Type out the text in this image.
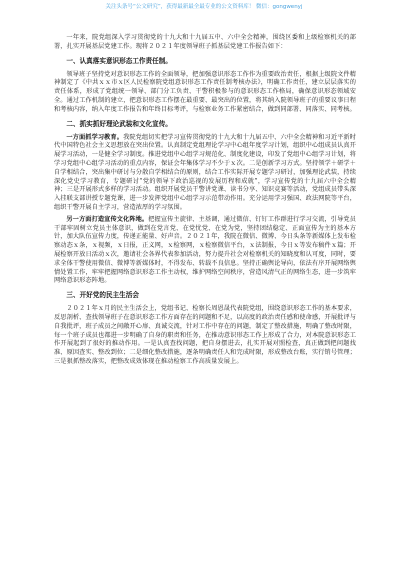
关注头条号“公文研究”，获得最新最全最专业的公文资料库！ 微信：gongwenyj

一年来，院党组深入学习贯彻党的十九大和十九届五中、六中全会精神，围绕区委和上级检察机关的部署，扎实开展基层党建工作。现将２０２１年度领导班子抓基层党建工作报告如下：

一、认真落实意识形态工作责任制。

领导班子坚持党对意识形态工作的全面领导，把加强意识形态工作作为重要政治责任，根据上级院文件精神制定了《中共ｘｘ市ｘ区人民检察院党组意识形态工作责任制考核办法》，明确工作责任，建立层层落实的责任体系，形成了党组统一领导、部门分工负责、干警积极参与的意识形态工作格局，确保意识形态领域安全。通过工作机制的建立，把意识形态工作摆在最重要、最突出的位置，将其纳入院领导班子的重要议事日程和考核内容，纳入年度工作报告和年终目标考评，与检察业务工作紧密结合，做到同部署、同落实、同考核。

二、抓实抓好理论武装和文化宣传。

一方面抓学习教育。我院党组切实把学习宣传贯彻党的十九大和十九届五中、六中全会精神和习近平新时代中国特色社会主义思想放在突出位置。认真制定党组理论学习中心组年度学习计划，组织中心组成员认真开展学习活动，一是健全学习制度。推进党组中心组学习规范化、制度化建设，印发了党组中心组学习计划，将学习党组中心组学习活动的重点内容，保证会年集体学习不少于ｘ次。二是创新学习方式。坚持领学＋研学＋自学相结合，突出集中研讨与分散自学相结合的原则，结合工作实际开展专题学习研讨，加强理论武装，持续深化党史学习教育，专题研讨“党的领导下政治巡视的发展历程和成就”，学习宣传党的十九届六中全会精神；三是开展形式多样的学习活动。组织开展党员干警讲党课、读书分享、知识竞赛等活动，党组成员带头深入挂联支部讲授专题党课，进一步发挥党组中心组学习示范带动作用。充分运用学习强国、政法网院等平台，组织干警开展自主学习，营造浓厚的学习氛围。

另一方面打造宣传文化阵地。把握宣传主旋律、主基调，通过微信、钉钉工作群进行学习交流，引导党员干部牢固树立党员主体意识，做到在党言党、在党忧党、在党为党，坚持团结稳定、正面宣传为主的基本方针，加大队伍宣传力度，传递正能量、好声音。２０２１年，我院在微信、微博、今日头条等新媒体上发布检察动态ｘ条，ｘ视频，ｘ日报，正义网，ｘ检察网，ｘ检察微信平台，ｘ法制报，今日ｘ等发布稿件ｘ篇；开展检察开放日活动ｘ次，邀请社会各界代表参加活动，努力提升社会对检察机关的知晓度和认可度，同时，要求全体干警使用微信、微博等新媒体时，不得发布、转载不良信息。坚持正确舆论导向，依法有序开展网络舆情处置工作，牢牢把握网络意识形态工作主动权，维护网络空间秩序，营造风清气正的网络生态，进一步筑牢网络意识形态阵地。

三、开好党的民主生活会

２０２１年ｘ月的民主生活会上，党组书记、检察长周恩晟代表院党组，围绕意识形态工作的基本要求，反思剖析、查找领导班子在意识形态工作方面存在的问题和不足，以高度的政治责任感和使命感，开展批评与自我批评，班子成员之间敞开心扉、真诚交流，针对工作中存在的问题，制定了整改措施，明确了整改时限，每一个班子成员也都进一步明确了自身的职责和任务，在推动意识形态工作上形成了合力，对本院意识形态工作开展起到了很好的推动作用。一是认真查找问题，把自身摆进去，扎实开展对照检查，真正做到把问题找准、原因查实、整改到位；二是细化整改措施，逐条明确责任人和完成时限，形成整改台账，实行销号管理；三是狠抓整改落实，把整改成效体现在推动检察工作高质量发展上。
